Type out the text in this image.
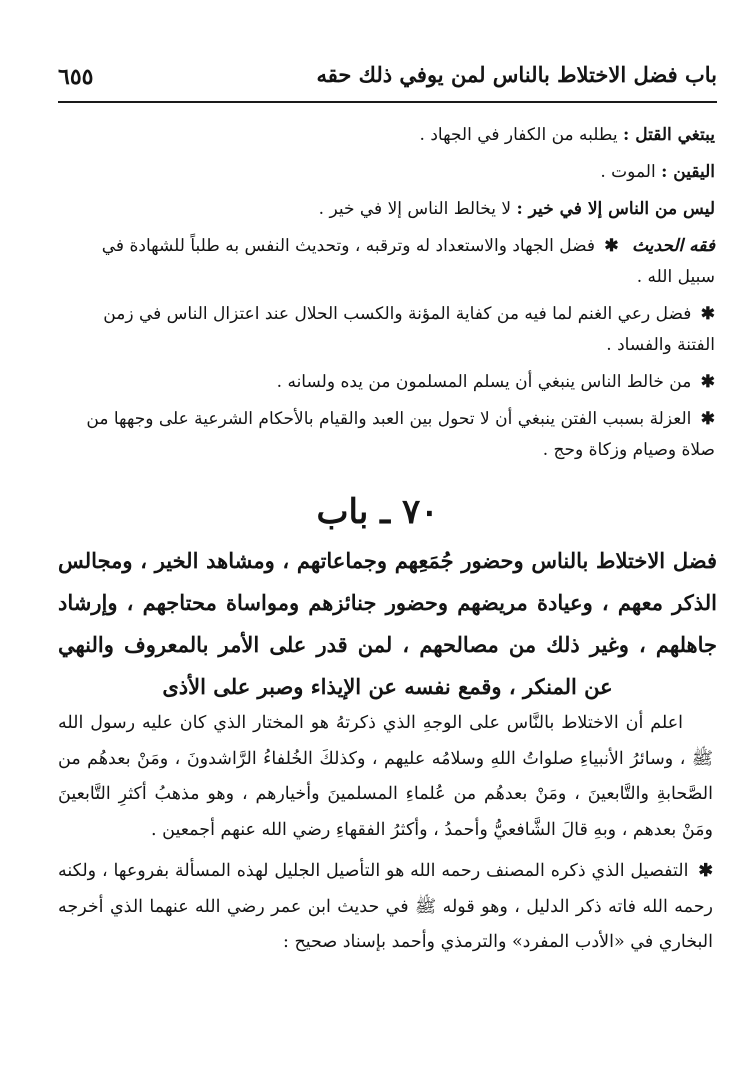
باب فضل الاختلاط بالناس لمن يوفي ذلك حقه
٦٥٥

يبتغي القتل : يطلبه من الكفار في الجهاد .

اليقين : الموت .

ليس من الناس إلا في خير : لا يخالط الناس إلا في خير .

فقه الحديث ✱ فضل الجهاد والاستعداد له وترقبه ، وتحديث النفس به طلباً للشهادة في سبيل الله .

✱ فضل رعي الغنم لما فيه من كفاية المؤنة والكسب الحلال عند اعتزال الناس في زمن الفتنة والفساد .

✱ من خالط الناس ينبغي أن يسلم المسلمون من يده ولسانه .

✱ العزلة بسبب الفتن ينبغي أن لا تحول بين العبد والقيام بالأحكام الشرعية على وجهها من صلاة وصيام وزكاة وحج .

٧٠ ـ باب
فضل الاختلاط بالناس وحضور جُمَعِهم وجماعاتهم ، ومشاهد الخير ، ومجالس الذكر معهم ، وعيادة مريضهم وحضور جنائزهم ومواساة محتاجهم ، وإرشاد جاهلهم ، وغير ذلك من مصالحهم ، لمن قدر على الأمر بالمعروف والنهي عن المنكر ، وقمع نفسه عن الإيذاء وصبر على الأذى

اعلم أن الاختلاط بالنَّاس على الوجهِ الذي ذكرتهُ هو المختار الذي كان عليه رسول الله ﷺ ، وسائرُ الأنبياءِ صلواتُ اللهِ وسلامُه عليهم ، وكذلكَ الخُلفاءُ الرَّاشدونَ ، ومَنْ بعدهُم من الصَّحابةِ والتَّابعينَ ، ومَنْ بعدهُم من عُلماءِ المسلمينَ وأخيارهم ، وهو مذهبُ أكثرِ التَّابعينَ ومَنْ بعدهم ، وبهِ قالَ الشَّافعيُّ وأحمدُ ، وأكثرُ الفقهاءِ رضي الله عنهم أجمعين .

✱ التفصيل الذي ذكره المصنف رحمه الله هو التأصيل الجليل لهذه المسألة بفروعها ، ولكنه رحمه الله فاته ذكر الدليل ، وهو قوله ﷺ في حديث ابن عمر رضي الله عنهما الذي أخرجه البخاري في «الأدب المفرد» والترمذي وأحمد بإسناد صحيح :
